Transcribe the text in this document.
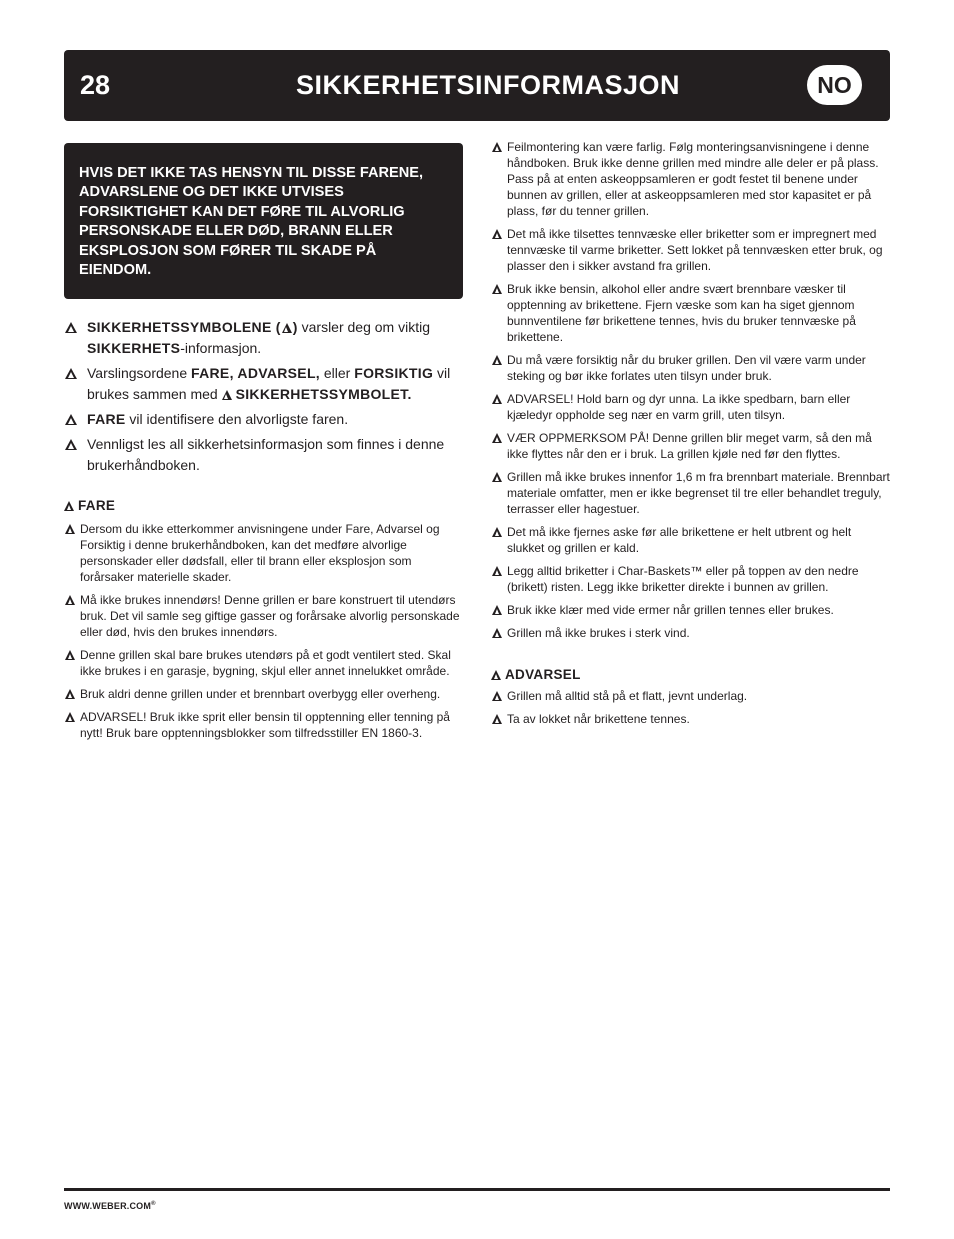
28	SIKKERHETSINFORMASJON	NO

HVIS DET IKKE TAS HENSYN TIL DISSE FARENE, ADVARSLENE OG DET IKKE UTVISES FORSIKTIGHET KAN DET FØRE TIL ALVORLIG PERSONSKADE ELLER DØD, BRANN ELLER EKSPLOSJON SOM FØRER TIL SKADE PÅ EIENDOM.

SIKKERHETSSYMBOLENE ( ) varsler deg om viktig SIKKERHETS-informasjon.
Varslingsordene FARE, ADVARSEL, eller FORSIKTIG vil brukes sammen med SIKKERHETSSYMBOLET.
FARE vil identifisere den alvorligste faren.
Vennligst les all sikkerhetsinformasjon som finnes i denne brukerhåndboken.
FARE
Dersom du ikke etterkommer anvisningene under Fare, Advarsel og Forsiktig i denne brukerhåndboken, kan det medføre alvorlige personskader eller dødsfall, eller til brann eller eksplosjon som forårsaker materielle skader.
Må ikke brukes innendørs! Denne grillen er bare konstruert til utendørs bruk. Det vil samle seg giftige gasser og forårsake alvorlig personskade eller død, hvis den brukes innendørs.
Denne grillen skal bare brukes utendørs på et godt ventilert sted. Skal ikke brukes i en garasje, bygning, skjul eller annet innelukket område.
Bruk aldri denne grillen under et brennbart overbygg eller overheng.
ADVARSEL! Bruk ikke sprit eller bensin til opptenning eller tenning på nytt! Bruk bare opptenningsblokker som tilfredsstiller EN 1860-3.
Feilmontering kan være farlig. Følg monteringsanvisningene i denne håndboken. Bruk ikke denne grillen med mindre alle deler er på plass. Pass på at enten askeoppsamleren er godt festet til benene under bunnen av grillen, eller at askeoppsamleren med stor kapasitet er på plass, før du tenner grillen.
Det må ikke tilsettes tennvæske eller briketter som er impregnert med tennvæske til varme briketter. Sett lokket på tennvæsken etter bruk, og plasser den i sikker avstand fra grillen.
Bruk ikke bensin, alkohol eller andre svært brennbare væsker til opptenning av brikettene. Fjern væske som kan ha siget gjennom bunnventilene før brikettene tennes, hvis du bruker tennvæske på brikettene.
Du må være forsiktig når du bruker grillen. Den vil være varm under steking og bør ikke forlates uten tilsyn under bruk.
ADVARSEL! Hold barn og dyr unna. La ikke spedbarn, barn eller kjæledyr oppholde seg nær en varm grill, uten tilsyn.
VÆR OPPMERKSOM PÅ! Denne grillen blir meget varm, så den må ikke flyttes når den er i bruk. La grillen kjøle ned før den flyttes.
Grillen må ikke brukes innenfor 1,6 m fra brennbart materiale. Brennbart materiale omfatter, men er ikke begrenset til tre eller behandlet treguly, terrasser eller hagestuer.
Det må ikke fjernes aske før alle brikettene er helt utbrent og helt slukket og grillen er kald.
Legg alltid briketter i Char-Baskets™ eller på toppen av den nedre (brikett) risten. Legg ikke briketter direkte i bunnen av grillen.
Bruk ikke klær med vide ermer når grillen tennes eller brukes.
Grillen må ikke brukes i sterk vind.
ADVARSEL
Grillen må alltid stå på et flatt, jevnt underlag.
Ta av lokket når brikettene tennes.
WWW.WEBER.COM®
